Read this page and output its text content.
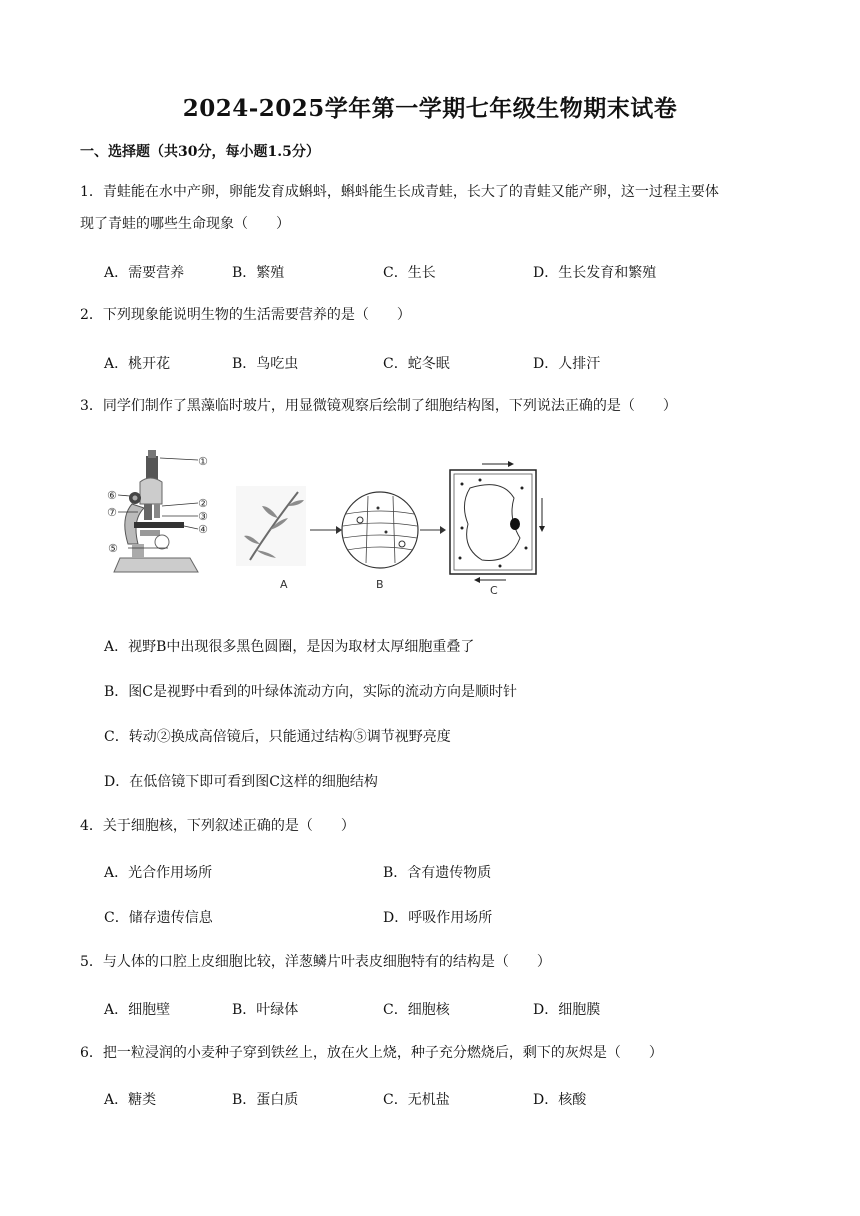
2024-2025学年第一学期七年级生物期末试卷
一、选择题（共30分，每小题1.5分）
1．青蛙能在水中产卵，卵能发育成蝌蚪，蝌蚪能生长成青蛙，长大了的青蛙又能产卵，这一过程主要体
现了青蛙的哪些生命现象（　　）
A．需要营养	B．繁殖	C．生长	D．生长发育和繁殖
2．下列现象能说明生物的生活需要营养的是（　　）
A．桃开花	B．鸟吃虫	C．蛇冬眠	D．人排汗
3．同学们制作了黑藻临时玻片，用显微镜观察后绘制了细胞结构图，下列说法正确的是（　　）
①
②
③
④
⑤
⑥
⑦
A	B	C
A．视野B中出现很多黑色圆圈，是因为取材太厚细胞重叠了
B．图C是视野中看到的叶绿体流动方向，实际的流动方向是顺时针
C．转动②换成高倍镜后，只能通过结构⑤调节视野亮度
D．在低倍镜下即可看到图C这样的细胞结构
4．关于细胞核，下列叙述正确的是（　　）
A．光合作用场所	B．含有遗传物质
C．储存遗传信息	D．呼吸作用场所
5．与人体的口腔上皮细胞比较，洋葱鳞片叶表皮细胞特有的结构是（　　）
A．细胞壁	B．叶绿体	C．细胞核	D．细胞膜
6．把一粒浸润的小麦种子穿到铁丝上，放在火上烧，种子充分燃烧后，剩下的灰烬是（　　）
A．糖类	B．蛋白质	C．无机盐	D．核酸
